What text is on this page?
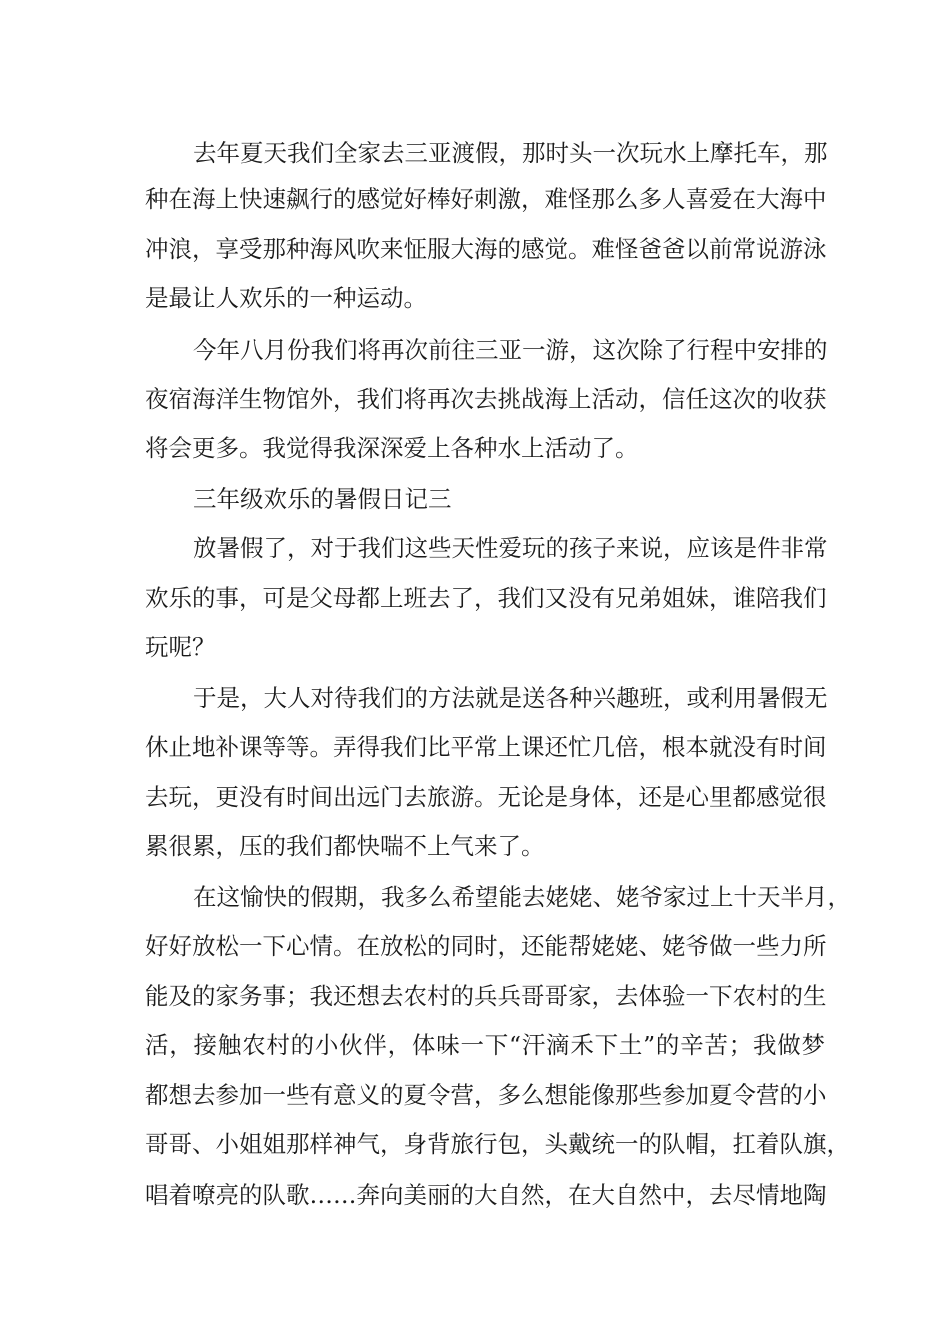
去年夏天我们全家去三亚渡假，那时头一次玩水上摩托车，那
种在海上快速飙行的感觉好棒好刺激，难怪那么多人喜爱在大海中
冲浪，享受那种海风吹来怔服大海的感觉。难怪爸爸以前常说游泳
是最让人欢乐的一种运动。
今年八月份我们将再次前往三亚一游，这次除了行程中安排的
夜宿海洋生物馆外，我们将再次去挑战海上活动，信任这次的收获
将会更多。我觉得我深深爱上各种水上活动了。
三年级欢乐的暑假日记三
放暑假了，对于我们这些天性爱玩的孩子来说，应该是件非常
欢乐的事，可是父母都上班去了，我们又没有兄弟姐妹，谁陪我们
玩呢？
于是，大人对待我们的方法就是送各种兴趣班，或利用暑假无
休止地补课等等。弄得我们比平常上课还忙几倍，根本就没有时间
去玩，更没有时间出远门去旅游。无论是身体，还是心里都感觉很
累很累，压的我们都快喘不上气来了。
在这愉快的假期，我多么希望能去姥姥、姥爷家过上十天半月，
好好放松一下心情。在放松的同时，还能帮姥姥、姥爷做一些力所
能及的家务事；我还想去农村的兵兵哥哥家，去体验一下农村的生
活，接触农村的小伙伴，体味一下“汗滴禾下土”的辛苦；我做梦
都想去参加一些有意义的夏令营，多么想能像那些参加夏令营的小
哥哥、小姐姐那样神气，身背旅行包，头戴统一的队帽，扛着队旗，
唱着嘹亮的队歌……奔向美丽的大自然，在大自然中，去尽情地陶
